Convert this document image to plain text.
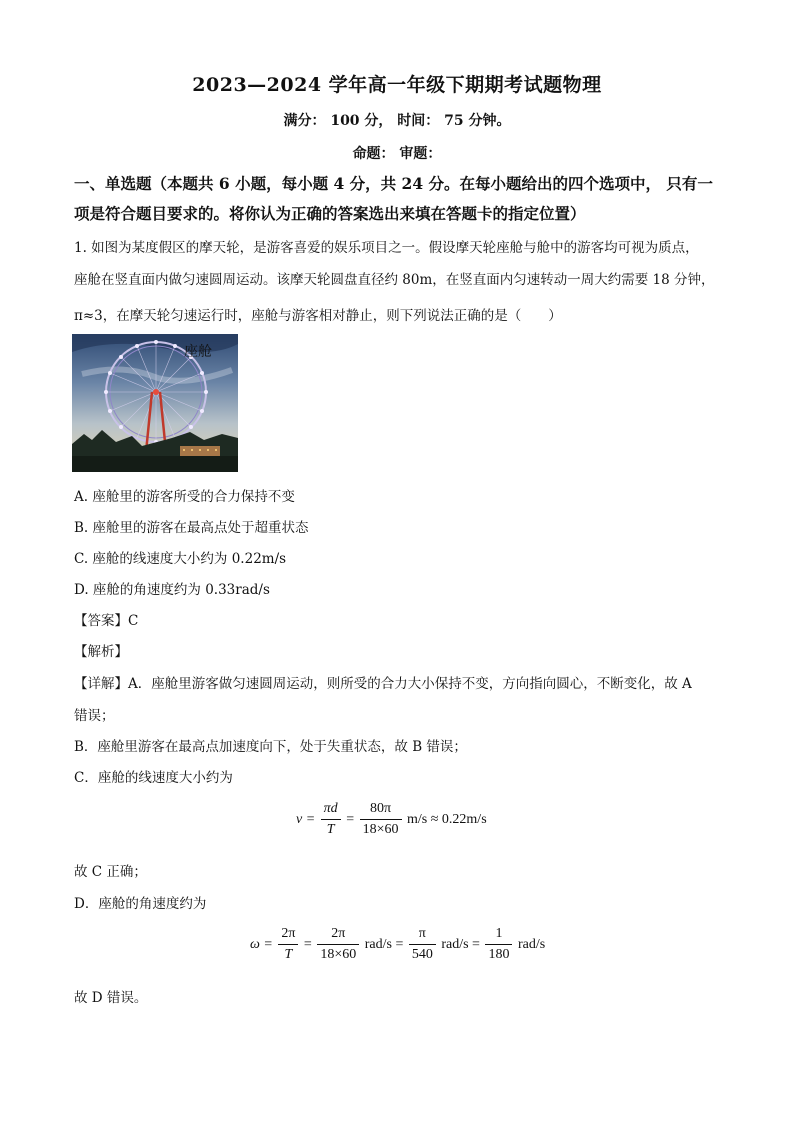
2023—2024 学年高一年级下期期考试题物理
满分： 100 分， 时间： 75 分钟。
命题： 审题：
一、单选题（本题共 6 小题，每小题 4 分，共 24 分。在每小题给出的四个选项中， 只有一
项是符合题目要求的。将你认为正确的答案选出来填在答题卡的指定位置）
1. 如图为某度假区的摩天轮，是游客喜爱的娱乐项目之一。假设摩天轮座舱与舱中的游客均可视为质点，
座舱在竖直面内做匀速圆周运动。该摩天轮圆盘直径约 80m，在竖直面内匀速转动一周大约需要 18 分钟，
π≈3，在摩天轮匀速运行时，座舱与游客相对静止，则下列说法正确的是（　　）
座舱
A. 座舱里的游客所受的合力保持不变
B. 座舱里的游客在最高点处于超重状态
C. 座舱的线速度大小约为 0.22m/s
D. 座舱的角速度约为 0.33rad/s
【答案】C
【解析】
【详解】A．座舱里游客做匀速圆周运动，则所受的合力大小保持不变，方向指向圆心，不断变化，故 A
错误；
B．座舱里游客在最高点加速度向下，处于失重状态，故 B 错误；
C．座舱的线速度大小约为
$v = \frac{\pi d}{T} = \frac{80\pi}{18\times 60} m/s \approx 0.22m/s$
故 C 正确；
D．座舱的角速度约为
$\omega = \frac{2\pi}{T} = \frac{2\pi}{18\times 60} rad/s = \frac{\pi}{540} rad/s = \frac{1}{180} rad/s$
故 D 错误。
